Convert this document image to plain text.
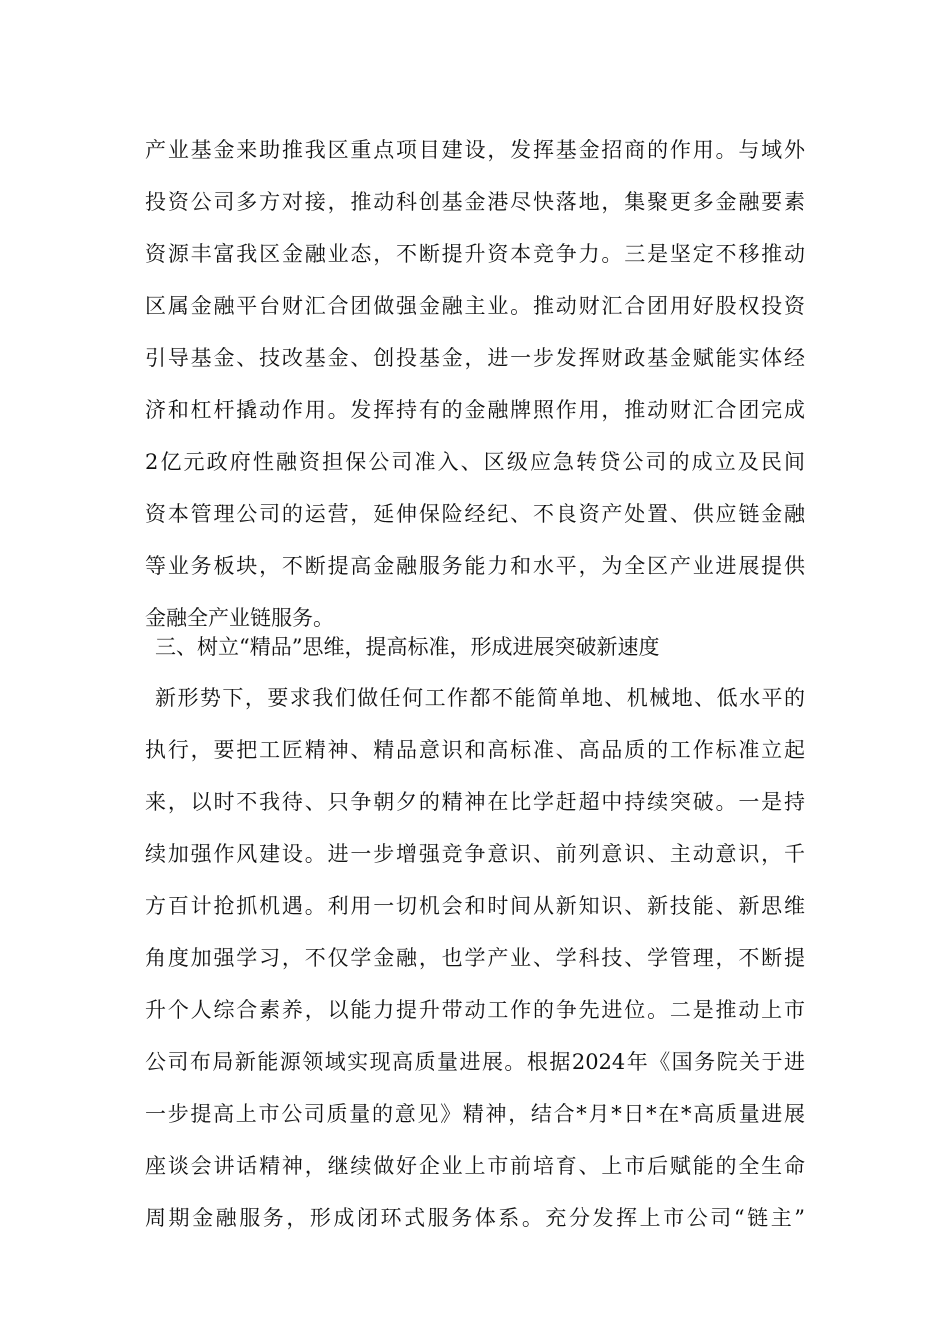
产业基金来助推我区重点项目建设，发挥基金招商的作用。与域外
投资公司多方对接，推动科创基金港尽快落地，集聚更多金融要素
资源丰富我区金融业态，不断提升资本竞争力。三是坚定不移推动
区属金融平台财汇合团做强金融主业。推动财汇合团用好股权投资
引导基金、技改基金、创投基金，进一步发挥财政基金赋能实体经
济和杠杆撬动作用。发挥持有的金融牌照作用，推动财汇合团完成
2亿元政府性融资担保公司准入、区级应急转贷公司的成立及民间
资本管理公司的运营，延伸保险经纪、不良资产处置、供应链金融
等业务板块，不断提高金融服务能力和水平，为全区产业进展提供
金融全产业链服务。
三、树立“精品”思维，提高标准，形成进展突破新速度
新形势下，要求我们做任何工作都不能简单地、机械地、低水平的
执行，要把工匠精神、精品意识和高标准、高品质的工作标准立起
来，以时不我待、只争朝夕的精神在比学赶超中持续突破。一是持
续加强作风建设。进一步增强竞争意识、前列意识、主动意识，千
方百计抢抓机遇。利用一切机会和时间从新知识、新技能、新思维
角度加强学习，不仅学金融，也学产业、学科技、学管理，不断提
升个人综合素养，以能力提升带动工作的争先进位。二是推动上市
公司布局新能源领域实现高质量进展。根据2024年《国务院关于进
一步提高上市公司质量的意见》精神，结合*月*日*在*高质量进展
座谈会讲话精神，继续做好企业上市前培育、上市后赋能的全生命
周期金融服务，形成闭环式服务体系。充分发挥上市公司“链主”
